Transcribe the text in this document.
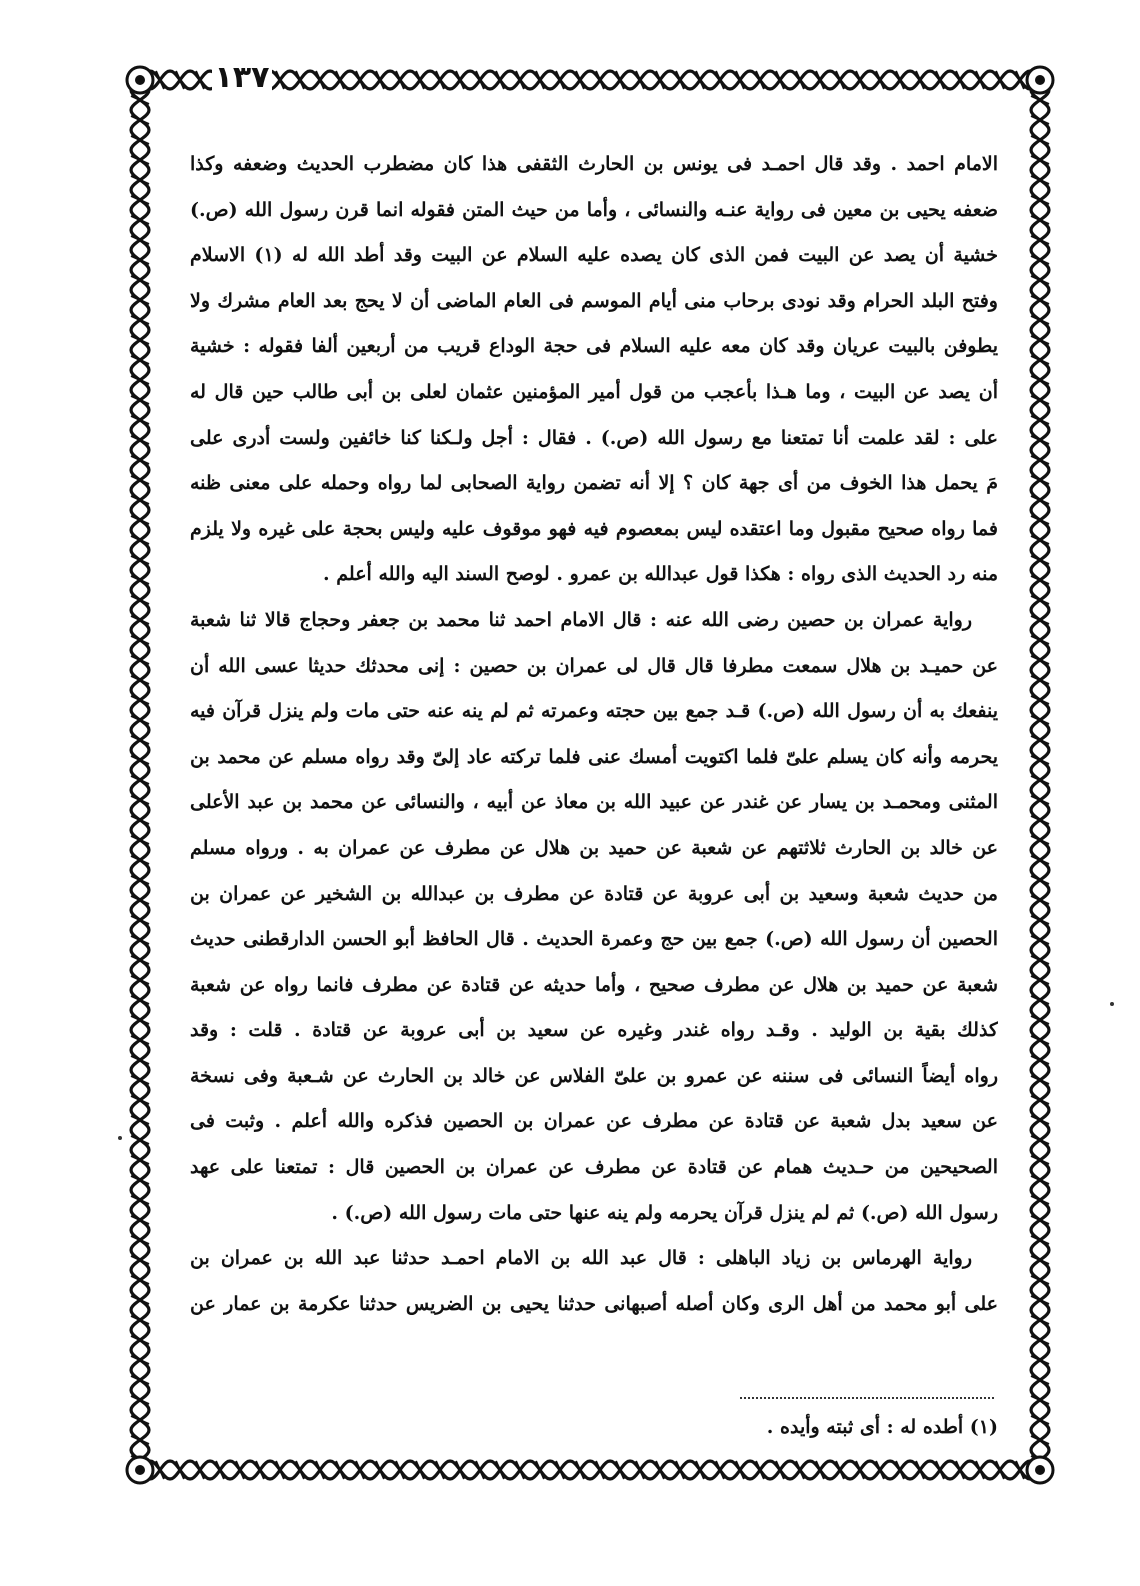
١٣٧
الامام احمد . وقد قال احمـد فى يونس بن الحارث الثقفى هذا كان مضطرب الحديث وضعفه وكذا
ضعفه يحيى بن معين فى رواية عنـه والنسائى ، وأما من حيث المتن فقوله انما قرن رسول الله (ص.)
خشية أن يصد عن البيت فمن الذى كان يصده عليه السلام عن البيت وقد أطد الله له (١) الاسلام
وفتح البلد الحرام وقد نودى برحاب منى أيام الموسم فى العام الماضى أن لا يحج بعد العام مشرك ولا
يطوفن بالبيت عريان وقد كان معه عليه السلام فى حجة الوداع قريب من أربعين ألفا فقوله : خشية
أن يصد عن البيت ، وما هـذا بأعجب من قول أمير المؤمنين عثمان لعلى بن أبى طالب حين قال له
على : لقد علمت أنا تمتعنا مع رسول الله (ص.) . فقال : أجل ولـكنا كنا خائفين ولست أدرى على
مَ يحمل هذا الخوف من أى جهة كان ؟ إلا أنه تضمن رواية الصحابى لما رواه وحمله على معنى ظنه
فما رواه صحيح مقبول وما اعتقده ليس بمعصوم فيه فهو موقوف عليه وليس بحجة على غيره ولا يلزم
منه رد الحديث الذى رواه : هكذا قول عبدالله بن عمرو . لوصح السند اليه والله أعلم .
رواية عمران بن حصين رضى الله عنه : قال الامام احمد ثنا محمد بن جعفر وحجاج قالا ثنا شعبة
عن حميـد بن هلال سمعت مطرفا قال قال لى عمران بن حصين : إنى محدثك حديثا عسى الله أن
ينفعك به أن رسول الله (ص.) قـد جمع بين حجته وعمرته ثم لم ينه عنه حتى مات ولم ينزل قرآن فيه
يحرمه وأنه كان يسلم علىّ فلما اكتويت أمسك عنى فلما تركته عاد إلىّ وقد رواه مسلم عن محمد بن
المثنى ومحمـد بن يسار عن غندر عن عبيد الله بن معاذ عن أبيه ، والنسائى عن محمد بن عبد الأعلى
عن خالد بن الحارث ثلاثتهم عن شعبة عن حميد بن هلال عن مطرف عن عمران به . ورواه مسلم
من حديث شعبة وسعيد بن أبى عروبة عن قتادة عن مطرف بن عبدالله بن الشخير عن عمران بن
الحصين أن رسول الله (ص.) جمع بين حج وعمرة الحديث . قال الحافظ أبو الحسن الدارقطنى حديث
شعبة عن حميد بن هلال عن مطرف صحيح ، وأما حديثه عن قتادة عن مطرف فانما رواه عن شعبة
كذلك بقية بن الوليد . وقـد رواه غندر وغيره عن سعيد بن أبى عروبة عن قتادة . قلت : وقد
رواه أيضاً النسائى فى سننه عن عمرو بن علىّ الفلاس عن خالد بن الحارث عن شـعبة وفى نسخة
عن سعيد بدل شعبة عن قتادة عن مطرف عن عمران بن الحصين فذكره والله أعلم . وثبت فى
الصحيحين من حـديث همام عن قتادة عن مطرف عن عمران بن الحصين قال : تمتعنا على عهد
رسول الله (ص.) ثم لم ينزل قرآن يحرمه ولم ينه عنها حتى مات رسول الله (ص.) .
رواية الهرماس بن زياد الباهلى : قال عبد الله بن الامام احمـد حدثنا عبد الله بن عمران بن
على أبو محمد من أهل الرى وكان أصله أصبهانى حدثنا يحيى بن الضريس حدثنا عكرمة بن عمار عن
(١) أطده له : أى ثبته وأيده .
